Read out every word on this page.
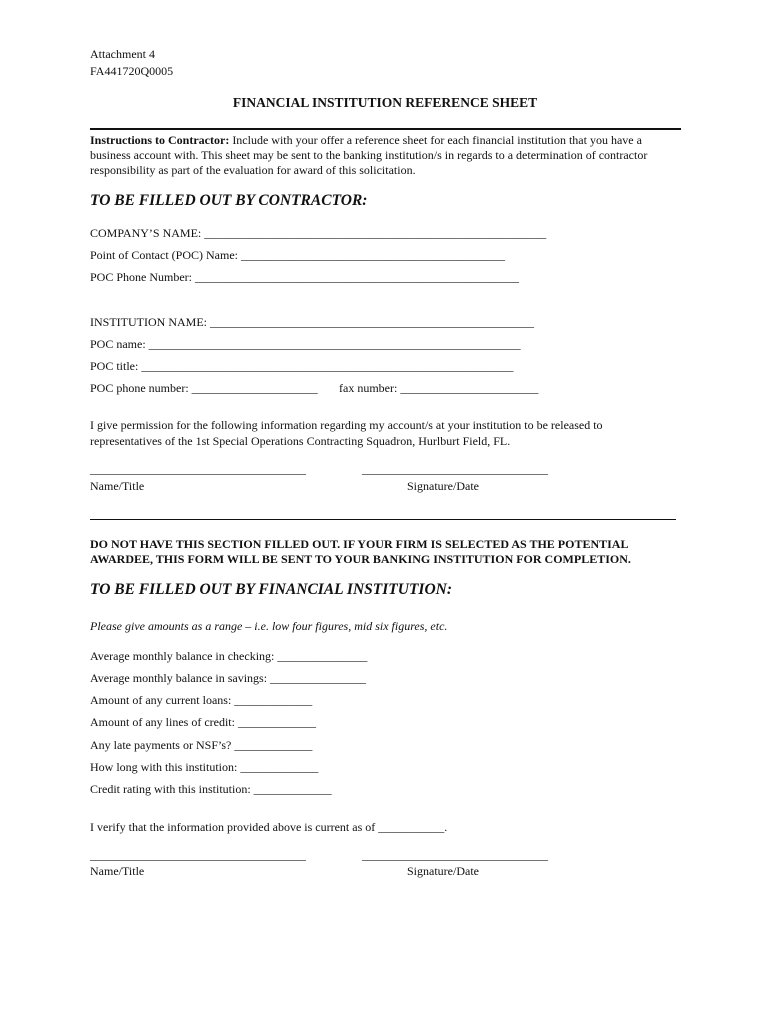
Attachment 4
FA441720Q0005
FINANCIAL INSTITUTION REFERENCE SHEET
Instructions to Contractor: Include with your offer a reference sheet for each financial institution that you have a
business account with. This sheet may be sent to the banking institution/s in regards to a determination of contractor
responsibility as part of the evaluation for award of this solicitation.
TO BE FILLED OUT BY CONTRACTOR:
COMPANY’S NAME: _________________________________________________________
Point of Contact (POC) Name: ____________________________________________
POC Phone Number: ______________________________________________________
INSTITUTION NAME: ______________________________________________________
POC name: ______________________________________________________________
POC title: ______________________________________________________________
POC phone number: _____________________ fax number: _______________________
I give permission for the following information regarding my account/s at your institution to be released to
representatives of the 1st Special Operations Contracting Squadron, Hurlburt Field, FL.
____________________________________	_______________________________
Name/Title	Signature/Date
DO NOT HAVE THIS SECTION FILLED OUT. IF YOUR FIRM IS SELECTED AS THE POTENTIAL
AWARDEE, THIS FORM WILL BE SENT TO YOUR BANKING INSTITUTION FOR COMPLETION.
TO BE FILLED OUT BY FINANCIAL INSTITUTION:
Please give amounts as a range – i.e. low four figures, mid six figures, etc.
Average monthly balance in checking: _______________
Average monthly balance in savings: ________________
Amount of any current loans: _____________
Amount of any lines of credit: _____________
Any late payments or NSF’s? _____________
How long with this institution: _____________
Credit rating with this institution: _____________
I verify that the information provided above is current as of ___________.
____________________________________	_______________________________
Name/Title	Signature/Date
